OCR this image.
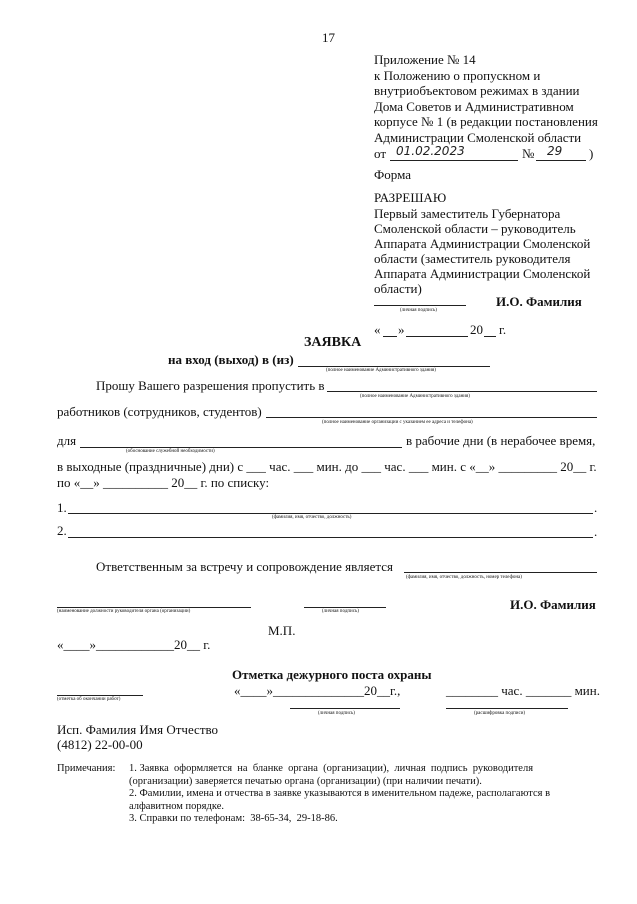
17
Приложение № 14
к Положению о пропускном и
внутриобъектовом режимах в здании
Дома Советов и Административном
корпусе № 1 (в редакции постановления
Администрации Смоленской области
от 01.02.2023	№ 29 )
Форма
РАЗРЕШАЮ
Первый заместитель Губернатора
Смоленской области – руководитель
Аппарата Администрации Смоленской
области (заместитель руководителя
Аппарата Администрации Смоленской
области)
(личная подпись)
И.О. Фамилия
« »	20 г.
ЗАЯВКА
на вход (выход) в (из)
(полное наименование Административного здания)
Прошу Вашего разрешения пропустить в
(полное наименование Административного здания)
работников (сотрудников, студентов)
(полное наименование организации с указанием ее адреса и телефона)
для
(обоснование служебной необходимости)
в рабочие дни (в нерабочее время,
в выходные (праздничные) дни) с ___ час. ___ мин. до ___ час. ___ мин. с «__» _________ 20__ г.
по «__» __________ 20__ г. по списку:
1.	.
(фамилия, имя, отчество, должность)
2.	.
Ответственным за встречу и сопровождение является
(фамилия, имя, отчество, должность, номер телефона)
(наименование должности руководителя органа (организации)	(личная подпись)	И.О. Фамилия
М.П.
«____»____________20__ г.
Отметка дежурного поста охраны
(отметка об окончании работ)
«____»______________20__г.,	________ час. _______ мин.
(личная подпись)	(расшифровка подписи)
Исп. Фамилия Имя Отчество
(4812) 22-00-00
Примечания: 1. Заявка  оформляется  на  бланке  органа  (организации),  личная  подпись  руководителя
(организации) заверяется печатью органа (организации) (при наличии печати).
2. Фамилии, имена и отчества в заявке указываются в именительном падеже, располагаются в
алфавитном порядке.
3. Справки по телефонам:  38-65-34,  29-18-86.
